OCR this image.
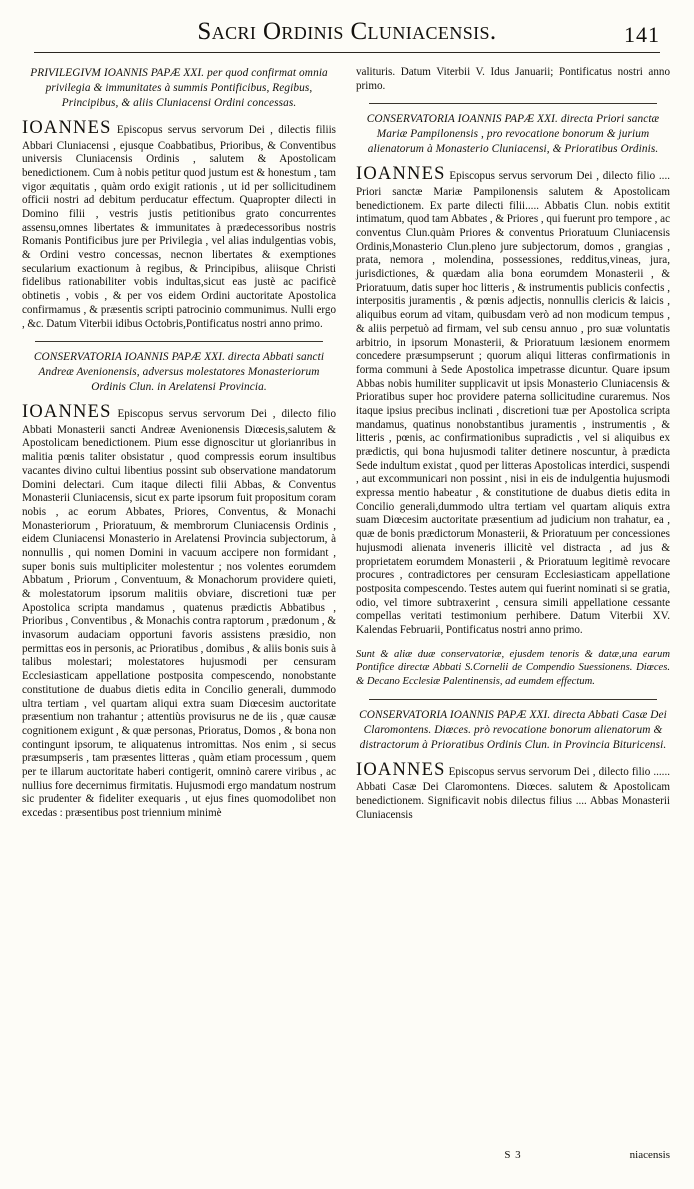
Sacri Ordinis Cluniacensis.	141
PRIVILEGIVM IOANNIS PAPÆ XXI. per quod confirmat omnia privilegia & immunitates à summis Pontificibus, Regibus, Principibus, & aliis Cluniacensi Ordini concessas.

IOANNES Episcopus servus servorum Dei , dilectis filiis Abbari Cluniacensi , ejusque Coabbatibus, Prioribus, & Conventibus universis Cluniacensis Ordinis , salutem & Apostolicam benedictionem. Cum à nobis petitur quod justum est & honestum , tam vigor æquitatis , quàm ordo exigit rationis , ut id per sollicitudinem officii nostri ad debitum perducatur effectum. Quapropter dilecti in Domino filii , vestris justis petitionibus grato concurrentes assensu,omnes libertates & immunitates à prædecessoribus nostris Romanis Pontificibus jure per Privilegia , vel alias indulgentias vobis, & Ordini vestro concessas, necnon libertates & exemptiones secularium exactionum à regibus, & Principibus, aliisque Christi fidelibus rationabiliter vobis indultas,sicut eas justè ac pacificè obtinetis , vobis , & per vos eidem Ordini auctoritate Apostolica confirmamus , & præsentis scripti patrocinio communimus. Nulli ergo , &c. Datum Viterbii idibus Octobris,Pontificatus nostri anno primo.

CONSERVATORIA IOANNIS PAPÆ XXI. directa Abbati sancti Andreæ Avenionensis, adversus molestatores Monasteriorum Ordinis Clun. in Arelatensi Provincia.

IOANNES Episcopus servus servorum Dei , dilecto filio Abbati Monasterii sancti Andreæ Avenionensis Diœcesis,salutem & Apostolicam benedictionem. Pium esse dignoscitur ut glorianribus in malitia pœnis taliter obsistatur , quod compressis eorum insultibus vacantes divino cultui libentius possint sub observatione mandatorum Domini delectari. Cum itaque dilecti filii Abbas, & Conventus Monasterii Cluniacensis, sicut ex parte ipsorum fuit propositum coram nobis , ac eorum Abbates, Priores, Conventus, & Monachi Monasteriorum , Prioratuum, & membrorum Cluniacensis Ordinis , eidem Cluniacensi Monasterio in Arelatensi Provincia subjectorum, à nonnullis , qui nomen Domini in vacuum accipere non formidant , super bonis suis multipliciter molestentur ; nos volentes eorumdem Abbatum , Priorum , Conventuum, & Monachorum providere quieti, & molestatorum ipsorum malitiis obviare, discretioni tuæ per Apostolica scripta mandamus , quatenus prædictis Abbatibus , Prioribus , Conventibus , & Monachis contra raptorum , prædonum , & invasorum audaciam opportuni favoris assistens præsidio, non permittas eos in personis, ac Prioratibus , domibus , & aliis bonis suis à talibus molestari; molestatores hujusmodi per censuram Ecclesiasticam appellatione postposita compescendo, nonobstante constitutione de duabus dietis edita in Concilio generali, dummodo ultra tertiam , vel quartam aliqui extra suam Diœcesim auctoritate præsentium non trahantur ; attentiùs provisurus ne de iis , quæ causæ cognitionem exigunt , & quæ personas, Prioratus, Domos , & bona non contingunt ipsorum, te aliquatenus intromittas. Nos enim , si secus præsumpseris , tam præsentes litteras , quàm etiam processum , quem per te illarum auctoritate haberi contigerit, omninò carere viribus , ac nullius fore decernimus firmitatis. Hujusmodi ergo mandatum nostrum sic prudenter & fideliter exequaris , ut ejus fines quomodolibet non excedas : præsentibus post triennium minimè

valituris. Datum Viterbii V. Idus Januarii; Pontificatus nostri anno primo.

CONSERVATORIA IOANNIS PAPÆ XXI. directa Priori sanctæ Mariæ Pampilonensis , pro revocatione bonorum & jurium alienatorum à Monasterio Cluniacensi, & Prioratibus Ordinis.

IOANNES Episcopus servus servorum Dei , dilecto filio .... Priori sanctæ Mariæ Pampilonensis salutem & Apostolicam benedictionem. Ex parte dilecti filii..... Abbatis Clun. nobis extitit intimatum, quod tam Abbates , & Priores , qui fuerunt pro tempore , ac conventus Clun.quàm Priores & conventus Prioratuum Cluniacensis Ordinis,Monasterio Clun.pleno jure subjectorum, domos , grangias , prata, nemora , molendina, possessiones, redditus,vineas, jura, jurisdictiones, & quædam alia bona eorumdem Monasterii , & Prioratuum, datis super hoc litteris , & instrumentis publicis confectis , interpositis juramentis , & pœnis adjectis, nonnullis clericis & laicis , aliquibus eorum ad vitam, quibusdam verò ad non modicum tempus , & aliis perpetuò ad firmam, vel sub censu annuo , pro suæ voluntatis arbitrio, in ipsorum Monasterii, & Prioratuum læsionem enormem concedere præsumpserunt ; quorum aliqui litteras confirmationis in forma communi à Sede Apostolica impetrasse dicuntur. Quare ipsum Abbas nobis humiliter supplicavit ut ipsis Monasterio Cluniacensis & Prioratibus super hoc providere paterna sollicitudine curaremus. Nos itaque ipsius precibus inclinati , discretioni tuæ per Apostolica scripta mandamus, quatinus nonobstantibus juramentis , instrumentis , & litteris , pœnis, ac confirmationibus supradictis , vel si aliquibus ex prædictis, qui bona hujusmodi taliter detinere noscuntur, à prædicta Sede indultum existat , quod per litteras Apostolicas interdici, suspendi , aut excommunicari non possint , nisi in eis de indulgentia hujusmodi expressa mentio habeatur , & constitutione de duabus dietis edita in Concilio generali,dummodo ultra tertiam vel quartam aliquis extra suam Diœcesim auctoritate præsentium ad judicium non trahatur, ea , quæ de bonis prædictorum Monasterii, & Prioratuum per concessiones hujusmodi alienata inveneris illicitè vel distracta , ad jus & proprietatem eorumdem Monasterii , & Prioratuum legitimè revocare procures , contradictores per censuram Ecclesiasticam appellatione postposita compescendo. Testes autem qui fuerint nominati si se gratia, odio, vel timore subtraxerint , censura simili appellatione cessante compellas veritati testimonium perhibere. Datum Viterbii XV. Kalendas Februarii, Pontificatus nostri anno primo.

Sunt & aliæ duæ conservatoriæ, ejusdem tenoris & datæ,una earum Pontifice directæ Abbati S.Cornelii de Compendio Suessionens. Diœces. & Decano Ecclesiæ Palentinensis, ad eumdem effectum.
CONSERVATORIA IOANNIS PAPÆ XXI. directa Abbati Casæ Dei Claromontens. Diœces. prò revocatione bonorum alienatorum & distractorum à Prioratibus Ordinis Clun. in Provincia Bituricensi.

IOANNES Episcopus servus servorum Dei , dilecto filio ...... Abbati Casæ Dei Claromontens. Diœces. salutem & Apostolicam benedictionem. Significavit nobis dilectus filius .... Abbas Monasterii Cluniacensis

S 3	niacensis
